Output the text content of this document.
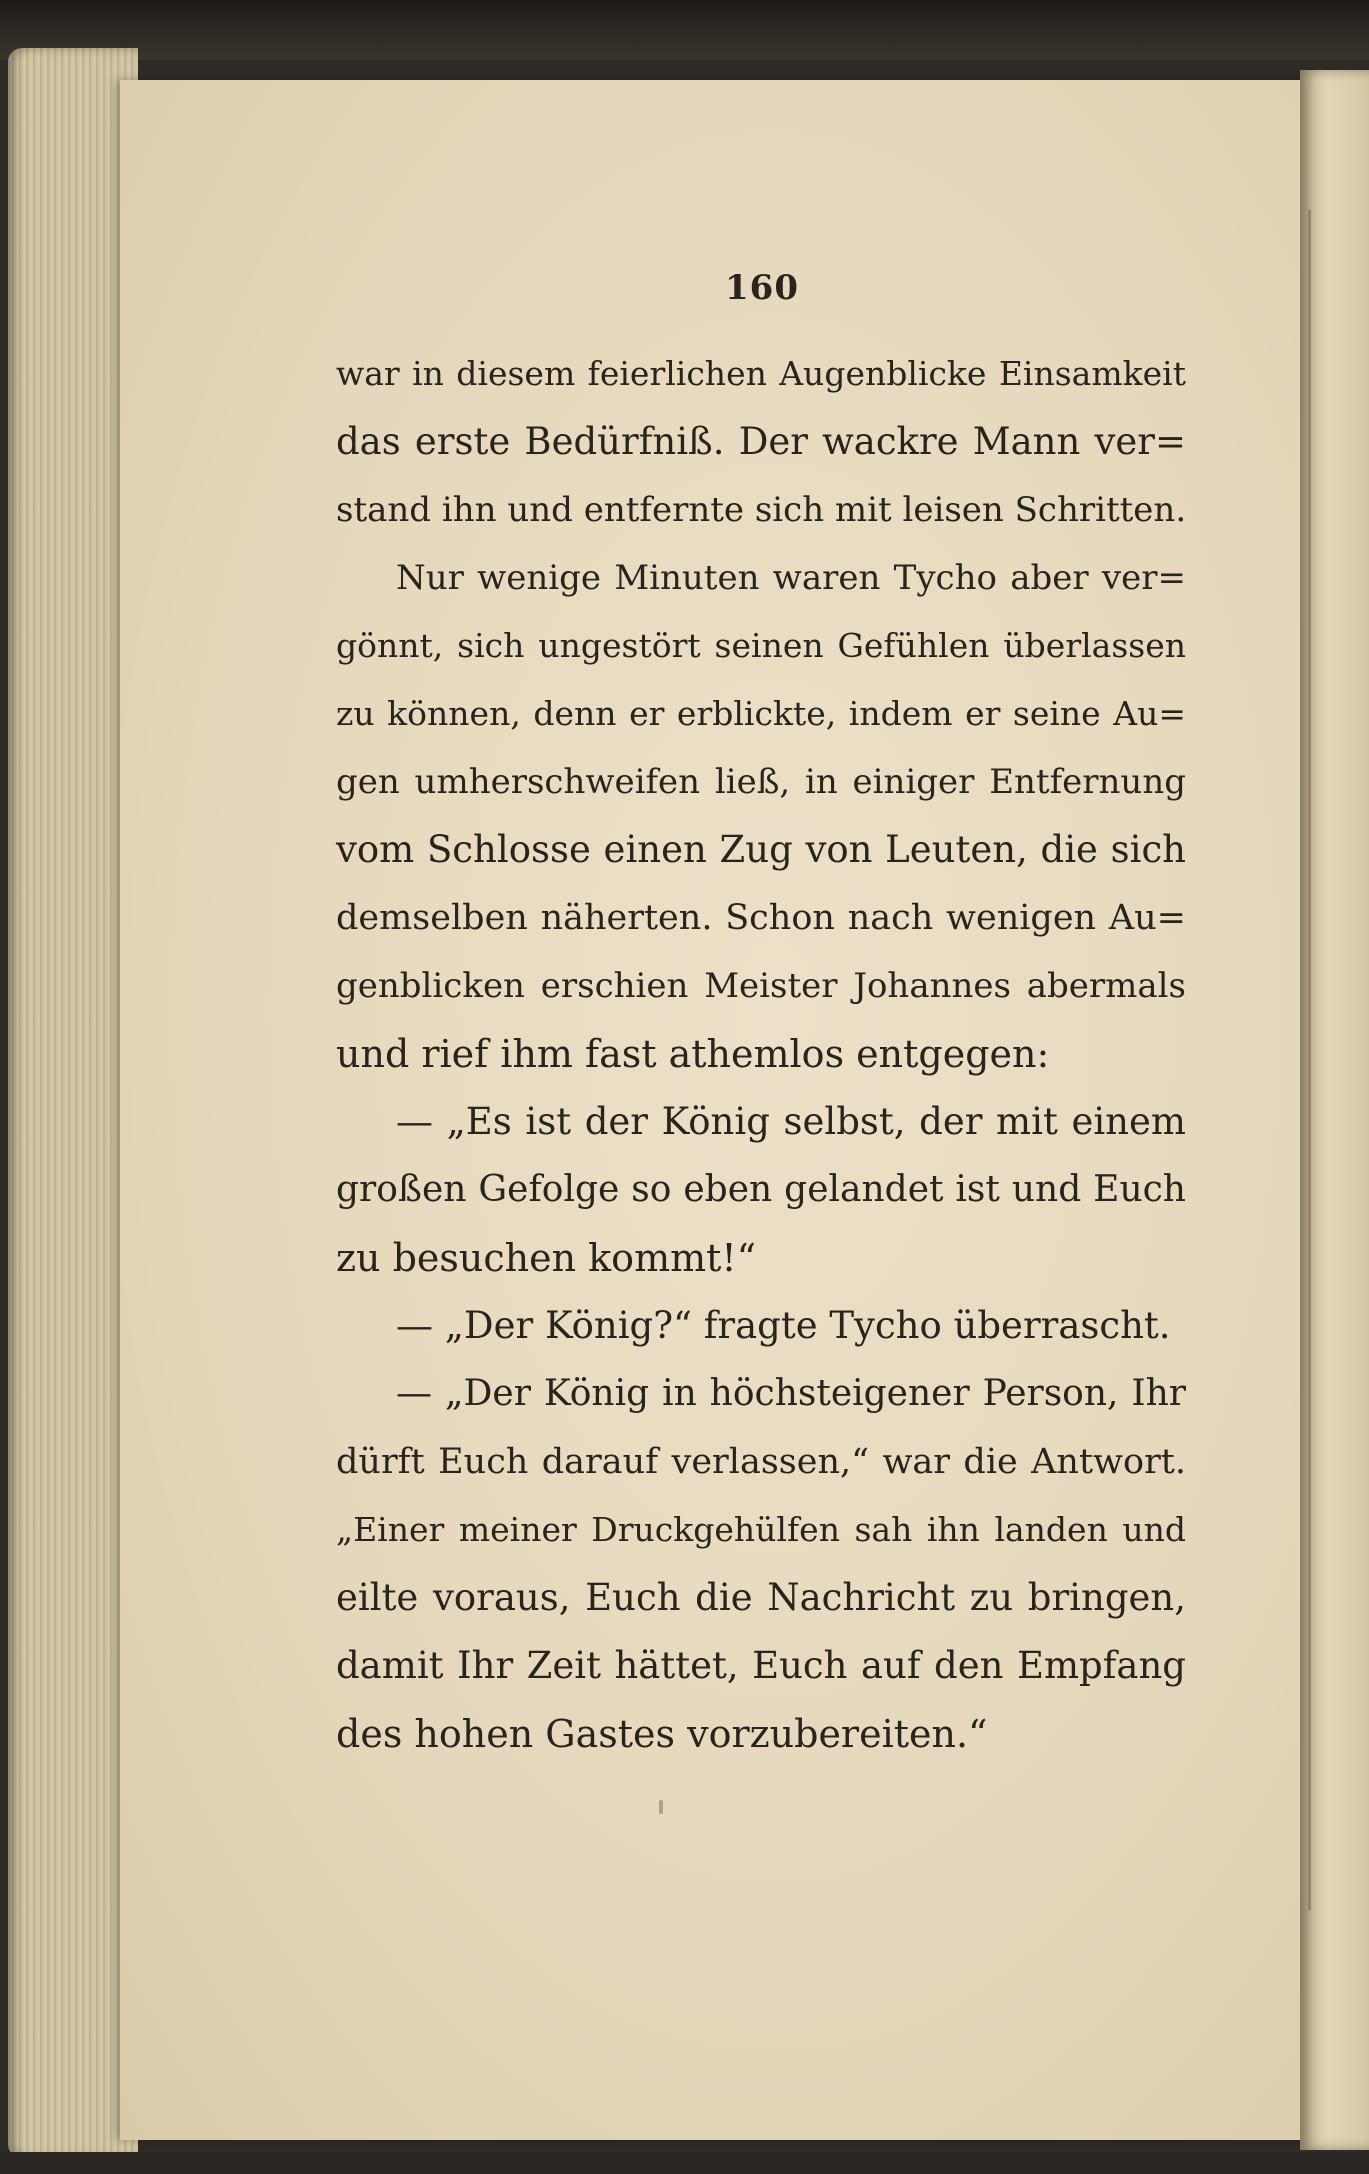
160
war in diesem feierlichen Augenblicke Einsamkeit
das erste Bedürfniß. Der wackre Mann ver=
stand ihn und entfernte sich mit leisen Schritten.
Nur wenige Minuten waren Tycho aber ver=
gönnt, sich ungestört seinen Gefühlen überlassen
zu können, denn er erblickte, indem er seine Au=
gen umherschweifen ließ, in einiger Entfernung
vom Schlosse einen Zug von Leuten, die sich
demselben näherten. Schon nach wenigen Au=
genblicken erschien Meister Johannes abermals
und rief ihm fast athemlos entgegen:
— „Es ist der König selbst, der mit einem
großen Gefolge so eben gelandet ist und Euch
zu besuchen kommt!“
— „Der König?“ fragte Tycho überrascht.
— „Der König in höchsteigener Person, Ihr
dürft Euch darauf verlassen,“ war die Antwort.
„Einer meiner Druckgehülfen sah ihn landen und
eilte voraus, Euch die Nachricht zu bringen,
damit Ihr Zeit hättet, Euch auf den Empfang
des hohen Gastes vorzubereiten.“
